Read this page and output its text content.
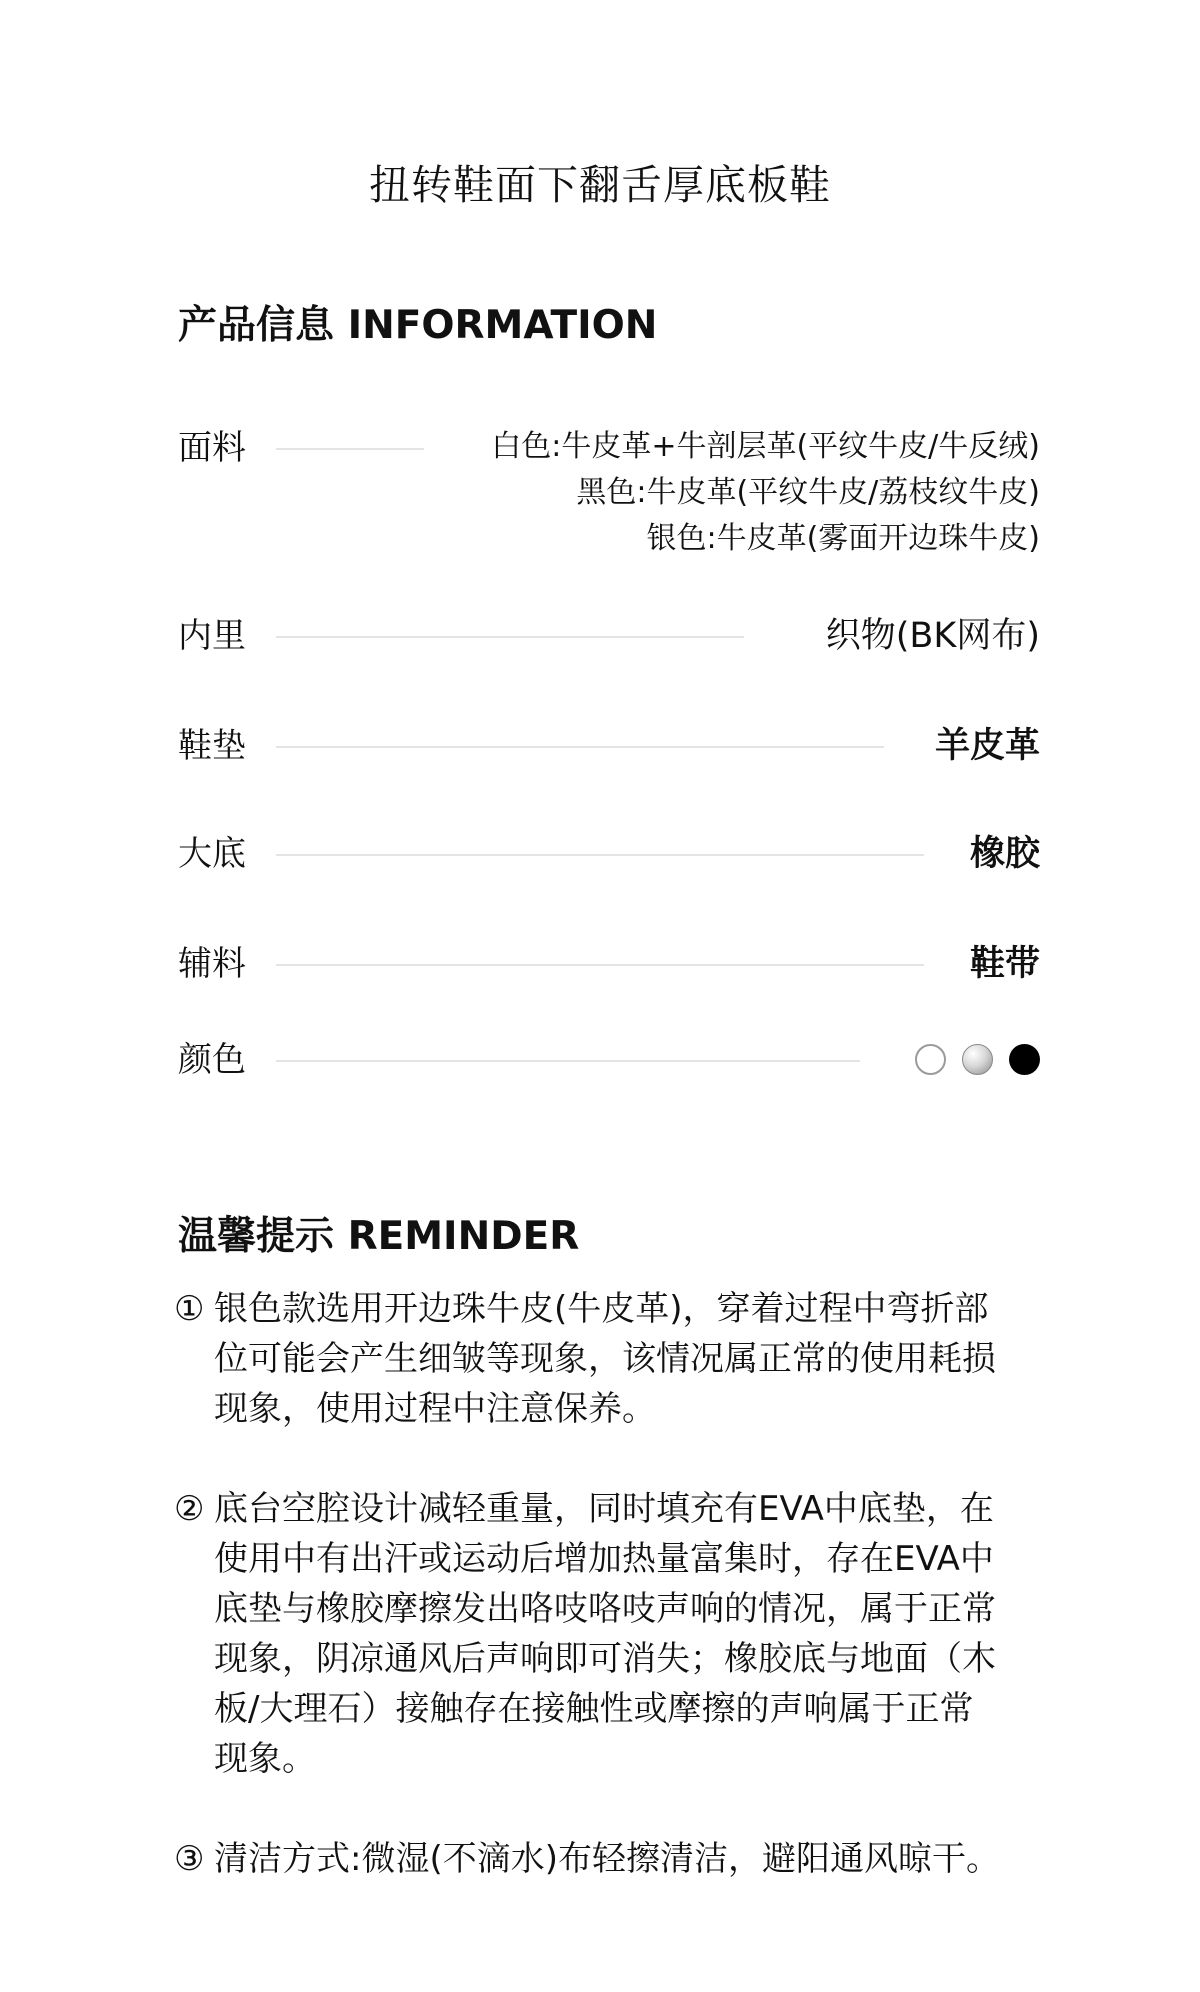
扭转鞋面下翻舌厚底板鞋
产品信息 INFORMATION
面料	白色:牛皮革+牛剖层革(平纹牛皮/牛反绒)
黑色:牛皮革(平纹牛皮/荔枝纹牛皮)
银色:牛皮革(雾面开边珠牛皮)
内里	织物(BK网布)
鞋垫	羊皮革
大底	橡胶
辅料	鞋带
颜色
温馨提示 REMINDER
① 银色款选用开边珠牛皮(牛皮革)，穿着过程中弯折部
位可能会产生细皱等现象，该情况属正常的使用耗损
现象，使用过程中注意保养。
② 底台空腔设计减轻重量，同时填充有EVA中底垫，在
使用中有出汗或运动后增加热量富集时，存在EVA中
底垫与橡胶摩擦发出咯吱咯吱声响的情况，属于正常
现象，阴凉通风后声响即可消失；橡胶底与地面（木
板/大理石）接触存在接触性或摩擦的声响属于正常
现象。
③ 清洁方式:微湿(不滴水)布轻擦清洁，避阳通风晾干。
